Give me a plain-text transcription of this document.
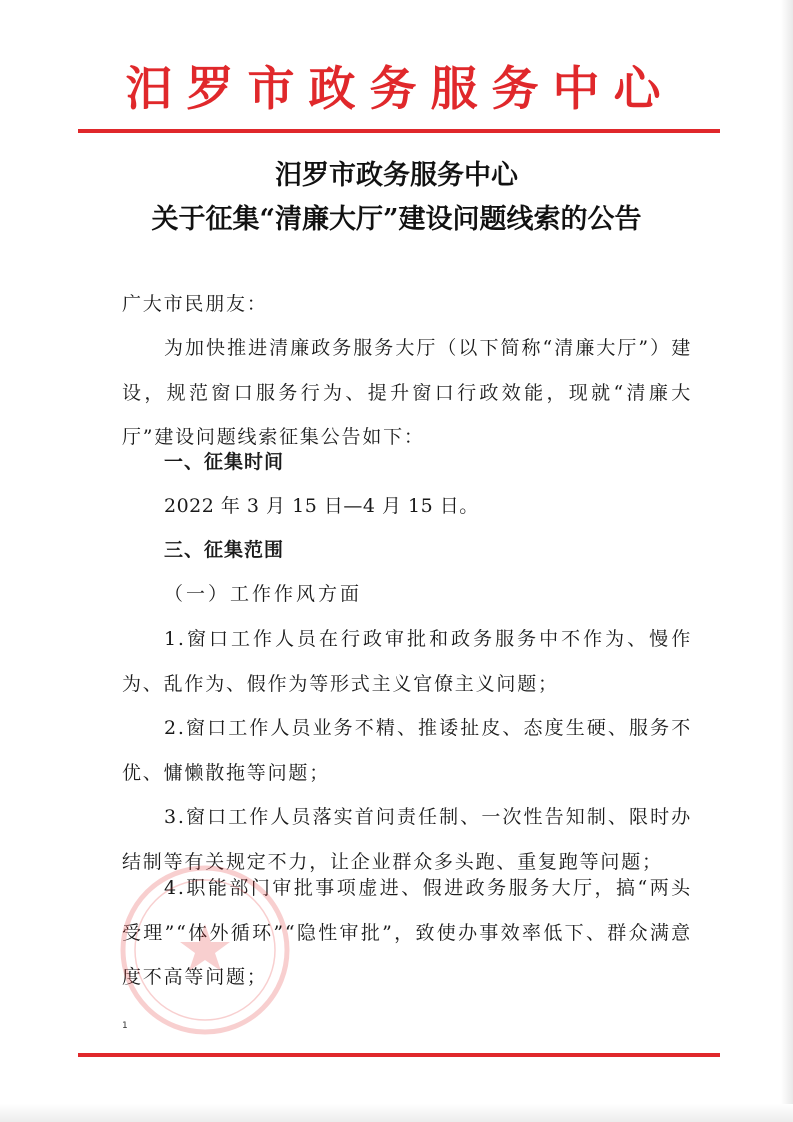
汨罗市政务服务中心
汨罗市政务服务中心
关于征集“清廉大厅”建设问题线索的公告
广大市民朋友：
为加快推进清廉政务服务大厅（以下简称“清廉大厅”）建设，规范窗口服务行为、提升窗口行政效能，现就“清廉大厅”建设问题线索征集公告如下：
一、征集时间
2022 年 3 月 15 日—4 月 15 日。
三、征集范围
（一）工作作风方面
1.窗口工作人员在行政审批和政务服务中不作为、慢作为、乱作为、假作为等形式主义官僚主义问题；
2.窗口工作人员业务不精、推诿扯皮、态度生硬、服务不优、慵懒散拖等问题；
3.窗口工作人员落实首问责任制、一次性告知制、限时办结制等有关规定不力，让企业群众多头跑、重复跑等问题；
4.职能部门审批事项虚进、假进政务服务大厅，搞“两头受理”“体外循环”“隐性审批”，致使办事效率低下、群众满意度不高等问题；
1
